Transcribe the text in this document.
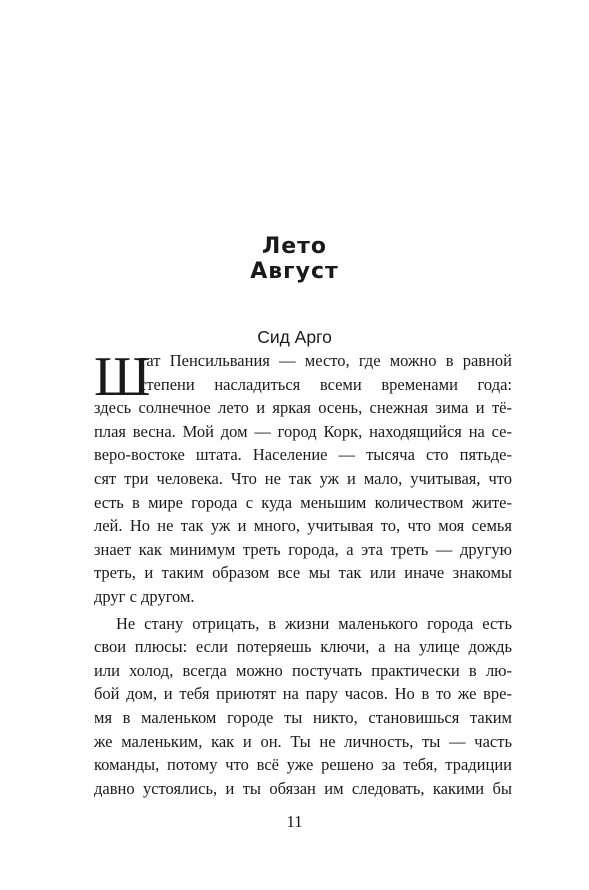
Лето
Август
Сид Арго
Ш
тат Пенсильвания — место, где можно в равной
степени насладиться всеми временами года:
здесь солнечное лето и яркая осень, снежная зима и тё-
плая весна. Мой дом — город Корк, находящийся на се-
веро-востоке штата. Население — тысяча сто пятьде-
сят три человека. Что не так уж и мало, учитывая, что
есть в мире города с куда меньшим количеством жите-
лей. Но не так уж и много, учитывая то, что моя семья
знает как минимум треть города, а эта треть — другую
треть, и таким образом все мы так или иначе знакомы
друг с другом.
Не стану отрицать, в жизни маленького города есть
свои плюсы: если потеряешь ключи, а на улице дождь
или холод, всегда можно постучать практически в лю-
бой дом, и тебя приютят на пару часов. Но в то же вре-
мя в маленьком городе ты никто, становишься таким
же маленьким, как и он. Ты не личность, ты — часть
команды, потому что всё уже решено за тебя, традиции
давно устоялись, и ты обязан им следовать, какими бы
11
